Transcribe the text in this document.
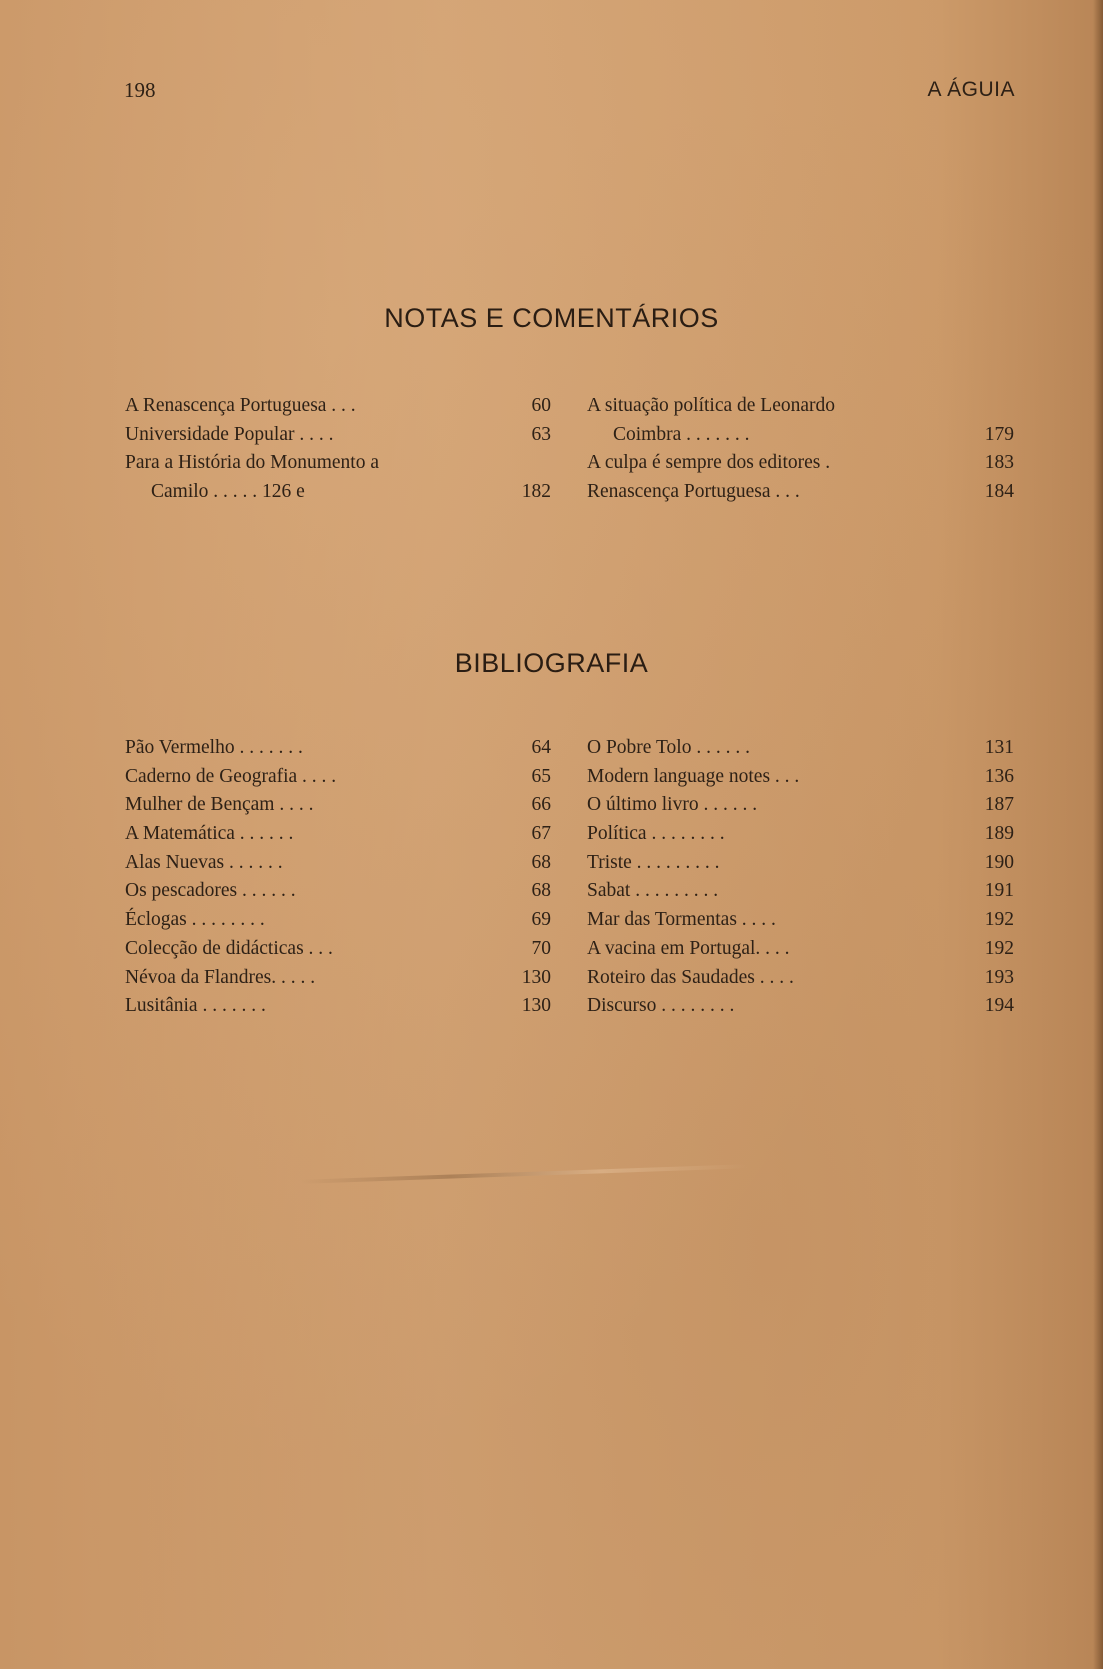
198	A ÁGUIA
NOTAS E COMENTÁRIOS
A Renascença Portuguesa . . .	60
Universidade Popular . . . .	63
Para a História do Monumento a
Camilo . . . . . 126 e	182
A situação política de Leonardo
Coimbra . . . . . . .	179
A culpa é sempre dos editores .	183
Renascença Portuguesa . . .	184
BIBLIOGRAFIA
Pão Vermelho . . . . . . .	64
Caderno de Geografia . . . .	65
Mulher de Bençam . . . .	66
A Matemática . . . . . .	67
Alas Nuevas . . . . . .	68
Os pescadores . . . . . .	68
Éclogas . . . . . . . .	69
Colecção de didácticas . . .	70
Névoa da Flandres. . . . .	130
Lusitânia . . . . . . .	130
O Pobre Tolo . . . . . .	131
Modern language notes . . .	136
O último livro . . . . . .	187
Política . . . . . . . .	189
Triste . . . . . . . . .	190
Sabat . . . . . . . . .	191
Mar das Tormentas . . . .	192
A vacina em Portugal. . . .	192
Roteiro das Saudades . . . .	193
Discurso . . . . . . . .	194
